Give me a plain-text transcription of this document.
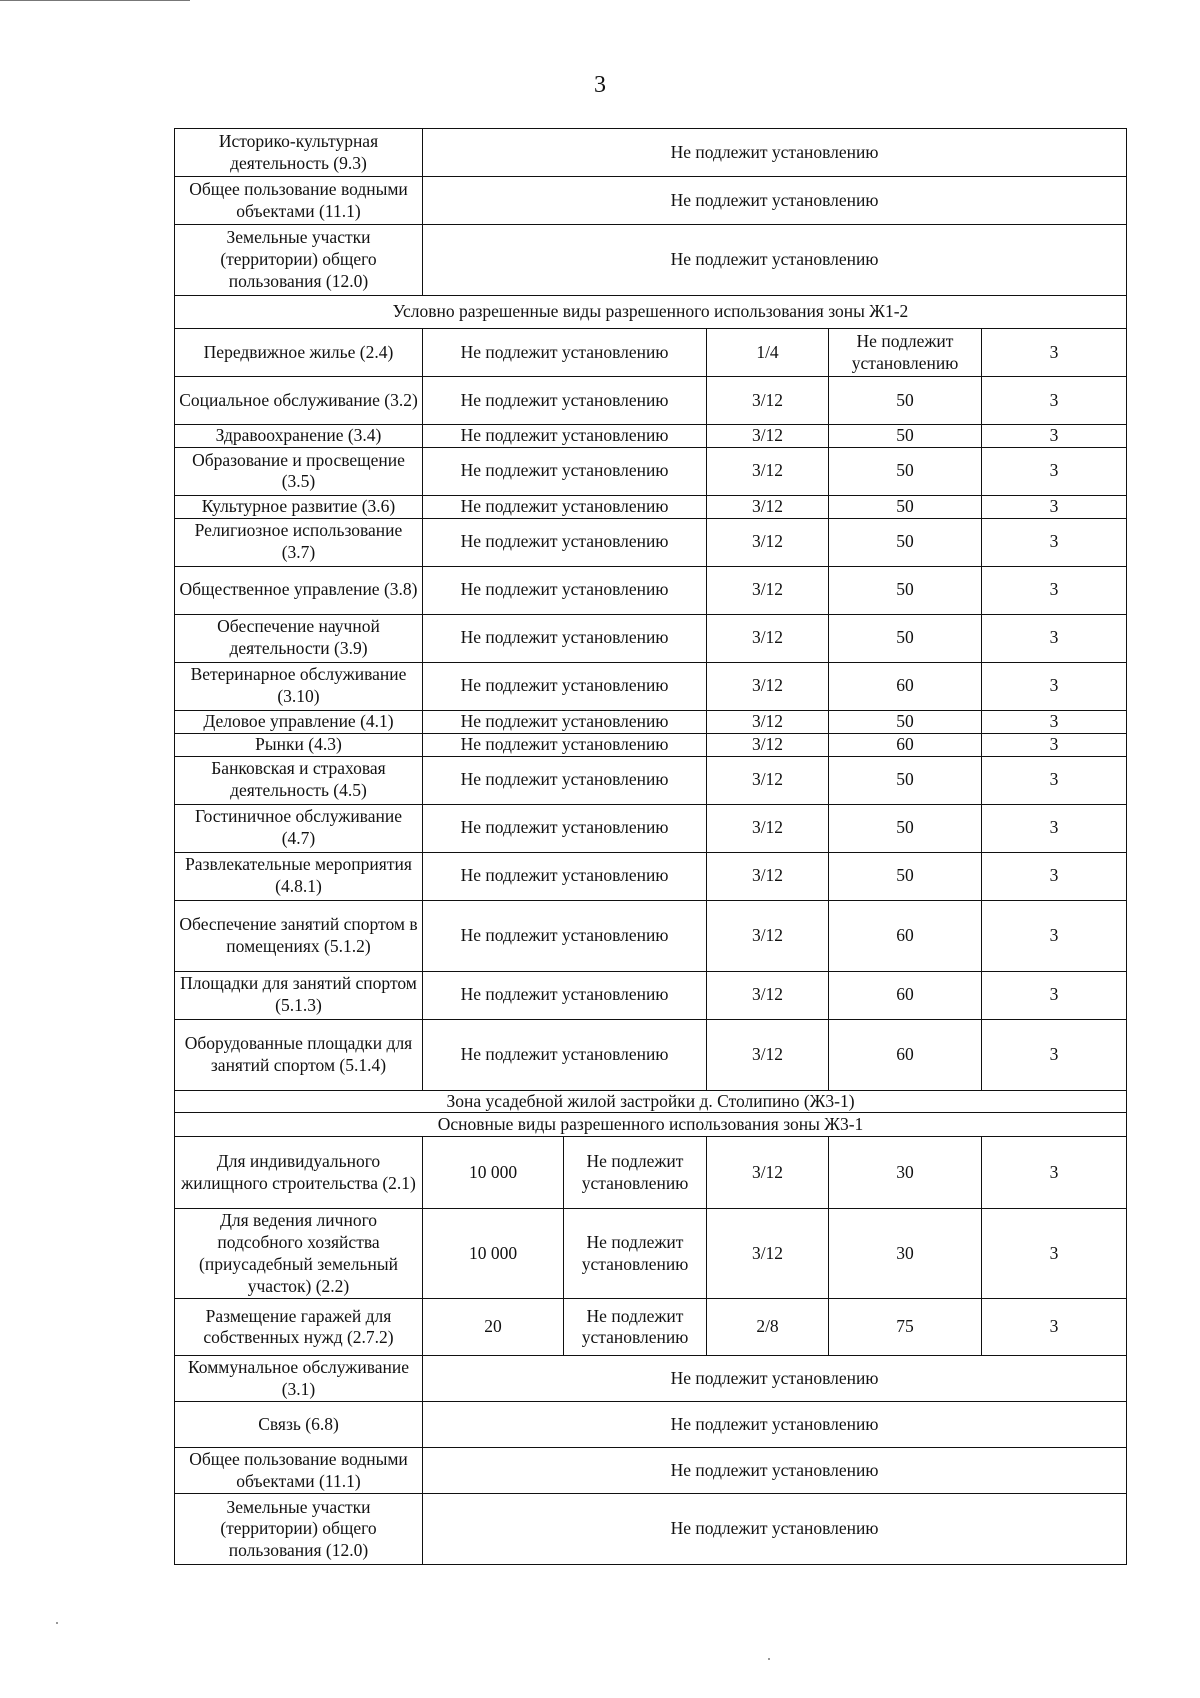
3
Историко-культурная деятельность (9.3)	Не подлежит установлению				
Общее пользование водными объектами (11.1)	Не подлежит установлению				
Земельные участки (территории) общего пользования (12.0)	Не подлежит установлению				
Условно разрешенные виды разрешенного использования зоны Ж1-2					
Передвижное жилье (2.4)	Не подлежит установлению		1/4	Не подлежит установлению	3
Социальное обслуживание (3.2)	Не подлежит установлению		3/12	50	3
Здравоохранение (3.4)	Не подлежит установлению		3/12	50	3
Образование и просвещение (3.5)	Не подлежит установлению		3/12	50	3
Культурное развитие (3.6)	Не подлежит установлению		3/12	50	3
Религиозное использование (3.7)	Не подлежит установлению		3/12	50	3
Общественное управление (3.8)	Не подлежит установлению		3/12	50	3
Обеспечение научной деятельности (3.9)	Не подлежит установлению		3/12	50	3
Ветеринарное обслуживание (3.10)	Не подлежит установлению		3/12	60	3
Деловое управление (4.1)	Не подлежит установлению		3/12	50	3
Рынки (4.3)	Не подлежит установлению		3/12	60	3
Банковская и страховая деятельность (4.5)	Не подлежит установлению		3/12	50	3
Гостиничное обслуживание (4.7)	Не подлежит установлению		3/12	50	3
Развлекательные мероприятия (4.8.1)	Не подлежит установлению		3/12	50	3
Обеспечение занятий спортом в помещениях (5.1.2)	Не подлежит установлению		3/12	60	3
Площадки для занятий спортом (5.1.3)	Не подлежит установлению		3/12	60	3
Оборудованные площадки для занятий спортом (5.1.4)	Не подлежит установлению		3/12	60	3
Зона усадебной жилой застройки д. Столипино (Ж3-1)					
Основные виды разрешенного использования зоны Ж3-1					
Для индивидуального жилищного строительства (2.1)	10 000	Не подлежит установлению	3/12	30	3
Для ведения личного подсобного хозяйства (приусадебный земельный участок) (2.2)	10 000	Не подлежит установлению	3/12	30	3
Размещение гаражей для собственных нужд (2.7.2)	20	Не подлежит установлению	2/8	75	3
Коммунальное обслуживание (3.1)	Не подлежит установлению				
Связь (6.8)	Не подлежит установлению				
Общее пользование водными объектами (11.1)	Не подлежит установлению				
Земельные участки (территории) общего пользования (12.0)	Не подлежит установлению				
